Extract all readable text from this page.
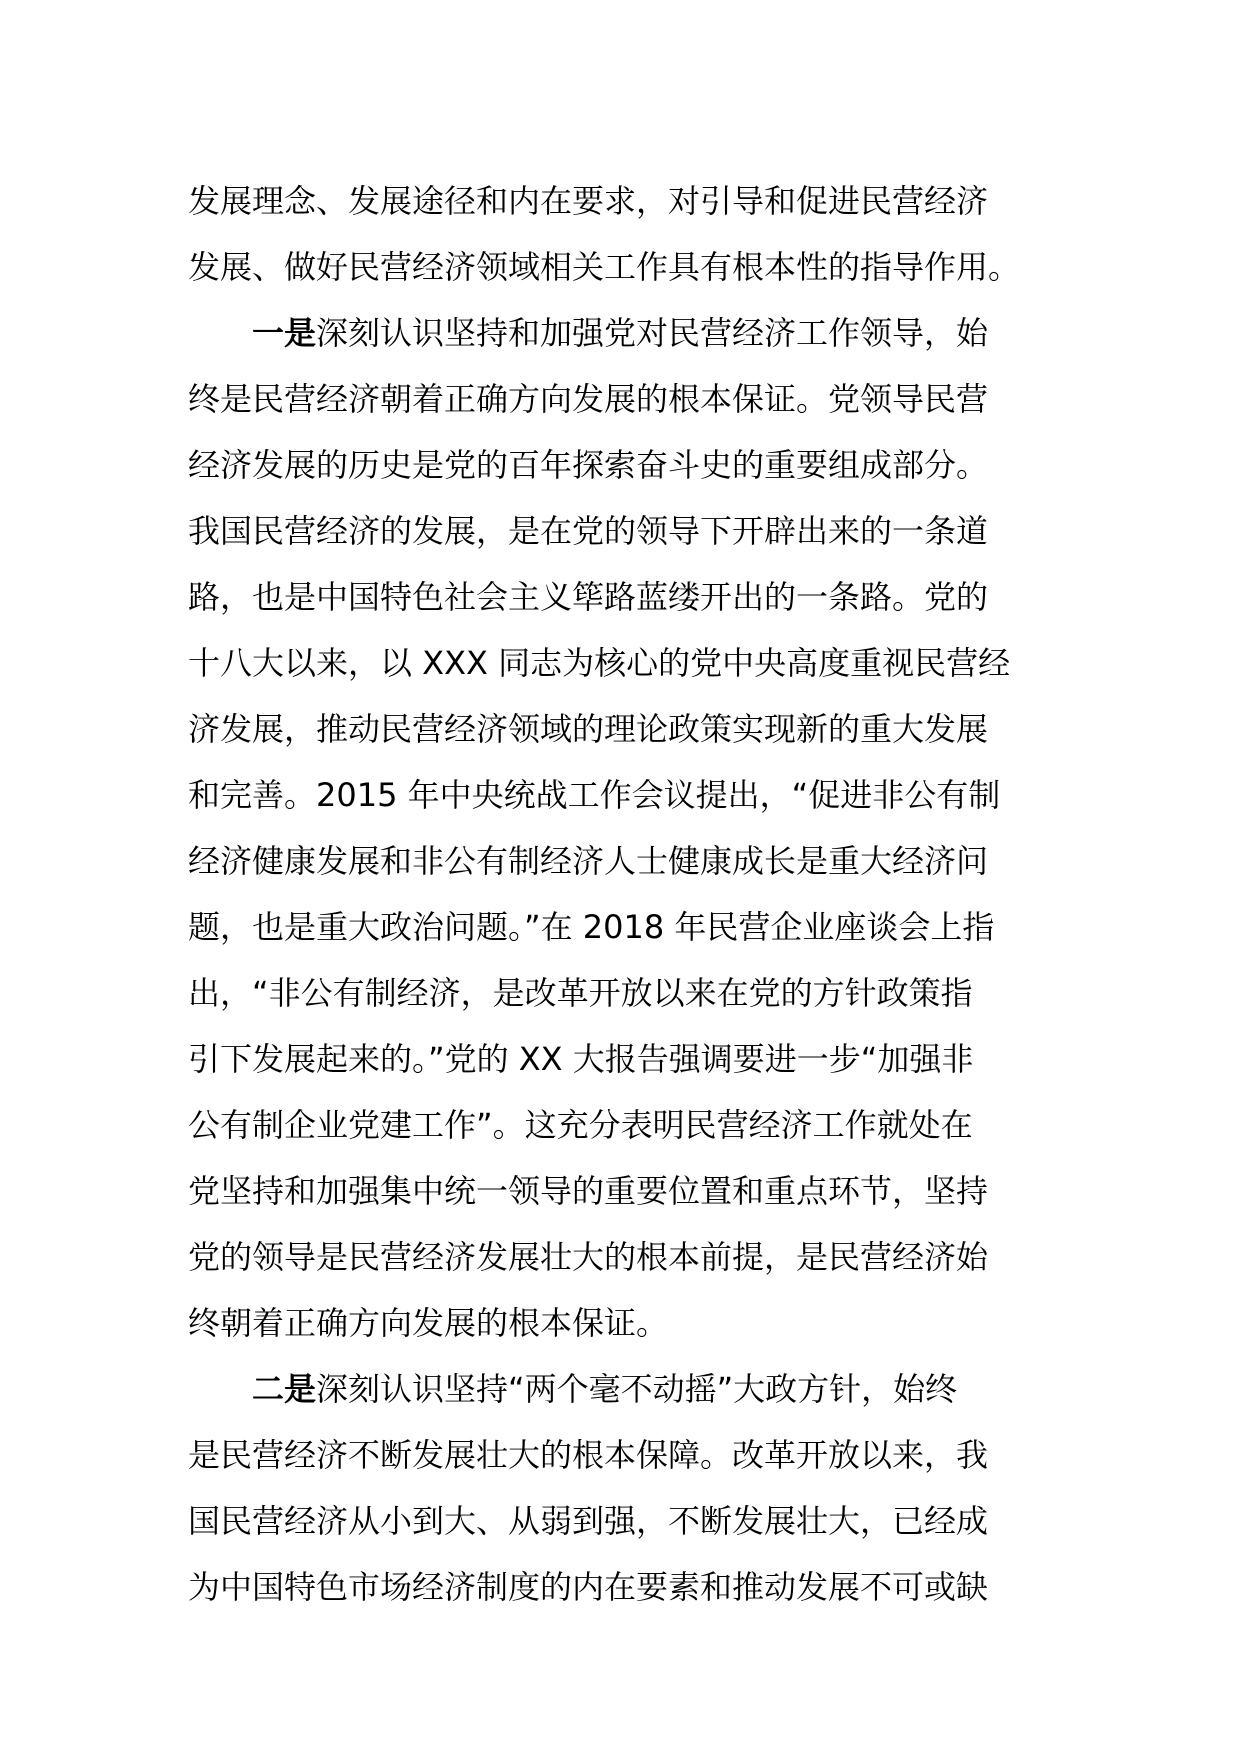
发展理念、发展途径和内在要求，对引导和促进民营经济
发展、做好民营经济领域相关工作具有根本性的指导作用。
一是深刻认识坚持和加强党对民营经济工作领导，始
终是民营经济朝着正确方向发展的根本保证。党领导民营
经济发展的历史是党的百年探索奋斗史的重要组成部分。
我国民营经济的发展，是在党的领导下开辟出来的一条道
路，也是中国特色社会主义筚路蓝缕开出的一条路。党的
十八大以来，以 XXX 同志为核心的党中央高度重视民营经
济发展，推动民营经济领域的理论政策实现新的重大发展
和完善。2015 年中央统战工作会议提出，“促进非公有制
经济健康发展和非公有制经济人士健康成长是重大经济问
题，也是重大政治问题。”在 2018 年民营企业座谈会上指
出，“非公有制经济，是改革开放以来在党的方针政策指
引下发展起来的。”党的 XX 大报告强调要进一步“加强非
公有制企业党建工作”。这充分表明民营经济工作就处在
党坚持和加强集中统一领导的重要位置和重点环节，坚持
党的领导是民营经济发展壮大的根本前提，是民营经济始
终朝着正确方向发展的根本保证。
二是深刻认识坚持“两个毫不动摇”大政方针，始终
是民营经济不断发展壮大的根本保障。改革开放以来，我
国民营经济从小到大、从弱到强，不断发展壮大，已经成
为中国特色市场经济制度的内在要素和推动发展不可或缺
